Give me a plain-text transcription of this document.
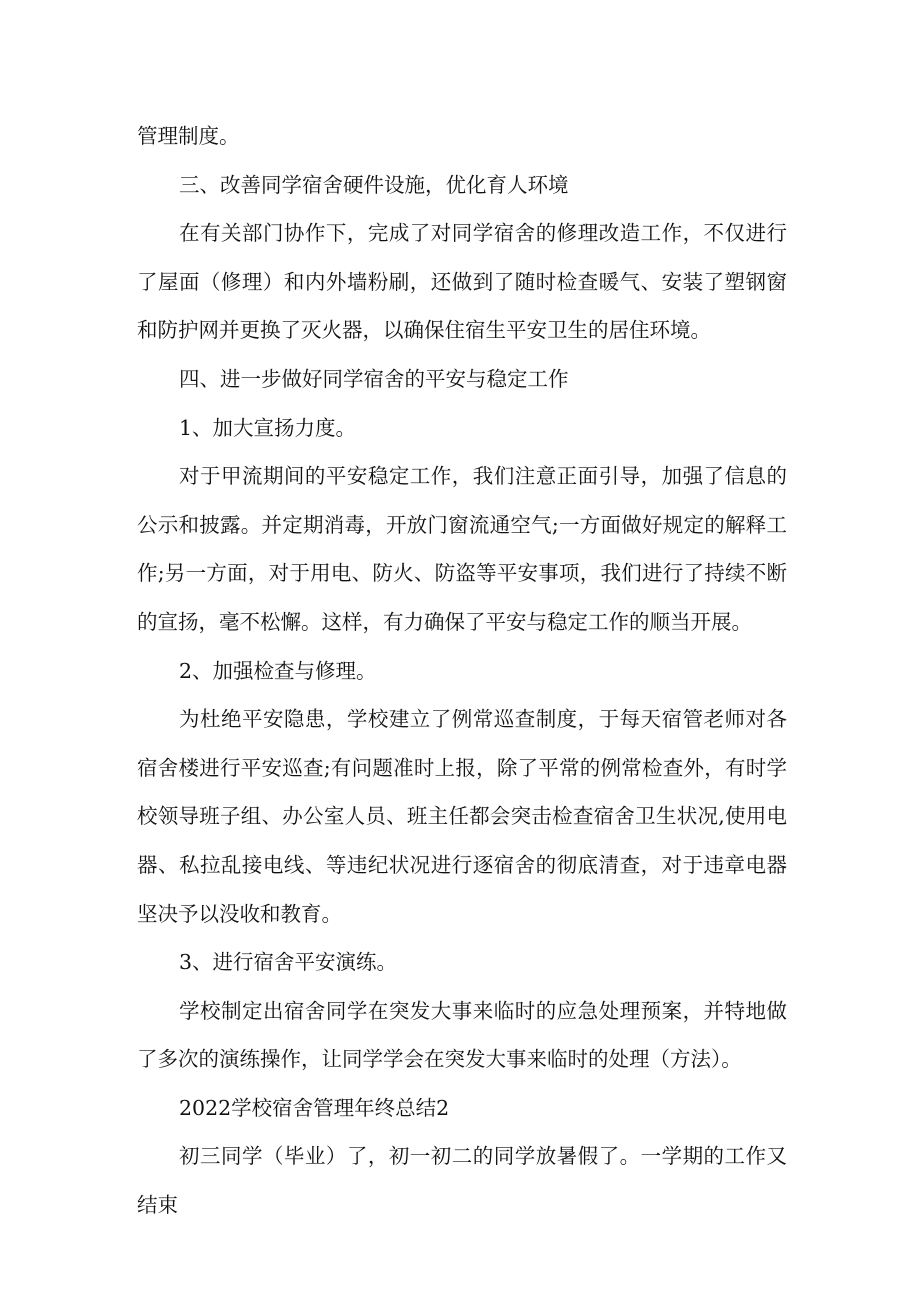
管理制度。

三、改善同学宿舍硬件设施，优化育人环境

在有关部门协作下，完成了对同学宿舍的修理改造工作，不仅进行了屋面（修理）和内外墙粉刷，还做到了随时检查暖气、安装了塑钢窗和防护网并更换了灭火器，以确保住宿生平安卫生的居住环境。

四、进一步做好同学宿舍的平安与稳定工作

1、加大宣扬力度。

对于甲流期间的平安稳定工作，我们注意正面引导，加强了信息的公示和披露。并定期消毒，开放门窗流通空气;一方面做好规定的解释工作;另一方面，对于用电、防火、防盗等平安事项，我们进行了持续不断的宣扬，毫不松懈。这样，有力确保了平安与稳定工作的顺当开展。

2、加强检查与修理。

为杜绝平安隐患，学校建立了例常巡查制度，于每天宿管老师对各宿舍楼进行平安巡查;有问题准时上报，除了平常的例常检查外，有时学校领导班子组、办公室人员、班主任都会突击检查宿舍卫生状况,使用电器、私拉乱接电线、等违纪状况进行逐宿舍的彻底清查，对于违章电器坚决予以没收和教育。

3、进行宿舍平安演练。

学校制定出宿舍同学在突发大事来临时的应急处理预案，并特地做了多次的演练操作，让同学学会在突发大事来临时的处理（方法）。

2022学校宿舍管理年终总结2

初三同学（毕业）了，初一初二的同学放暑假了。一学期的工作又结束
